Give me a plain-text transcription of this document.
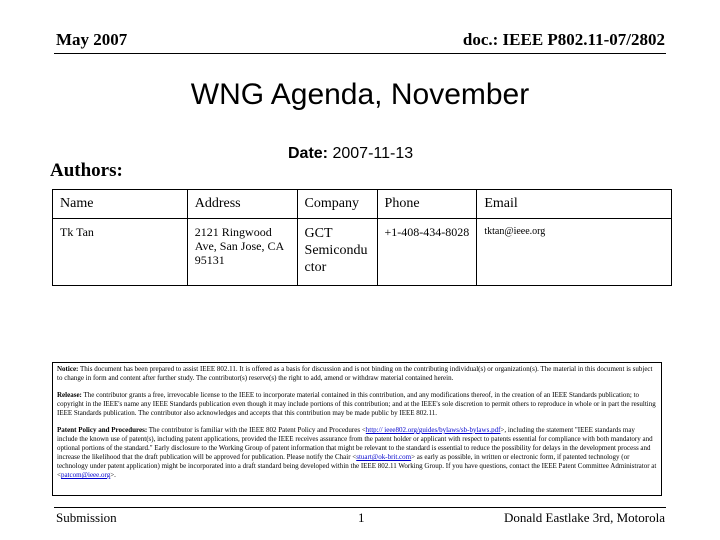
May 2007	doc.: IEEE P802.11-07/2802
WNG Agenda, November
Date: 2007-11-13
Authors:
Name	Address	Company	Phone	Email
Tk Tan	2121 Ringwood Ave, San Jose, CA 95131	GCT Semicondu ctor	+1-408-434-8028	tktan@ieee.org

Notice: This document has been prepared to assist IEEE 802.11. It is offered as a basis for discussion and is not binding on the contributing individual(s) or organization(s). The material in this document is subject to change in form and content after further study. The contributor(s) reserve(s) the right to add, amend or withdraw material contained herein.

Release: The contributor grants a free, irrevocable license to the IEEE to incorporate material contained in this contribution, and any modifications thereof, in the creation of an IEEE Standards publication; to copyright in the IEEE's name any IEEE Standards publication even though it may include portions of this contribution; and at the IEEE's sole discretion to permit others to reproduce in whole or in part the resulting IEEE Standards publication. The contributor also acknowledges and accepts that this contribution may be made public by IEEE 802.11.

Patent Policy and Procedures: The contributor is familiar with the IEEE 802 Patent Policy and Procedures <http:// ieee802.org/guides/bylaws/sb-bylaws.pdf>, including the statement "IEEE standards may include the known use of patent(s), including patent applications, provided the IEEE receives assurance from the patent holder or applicant with respect to patents essential for compliance with both mandatory and optional portions of the standard." Early disclosure to the Working Group of patent information that might be relevant to the standard is essential to reduce the possibility for delays in the development process and increase the likelihood that the draft publication will be approved for publication. Please notify the Chair <stuart@ok-brit.com> as early as possible, in written or electronic form, if patented technology (or technology under patent application) might be incorporated into a draft standard being developed within the IEEE 802.11 Working Group. If you have questions, contact the IEEE Patent Committee Administrator at <patcom@ieee.org>.

Submission	1	Donald Eastlake 3rd, Motorola
